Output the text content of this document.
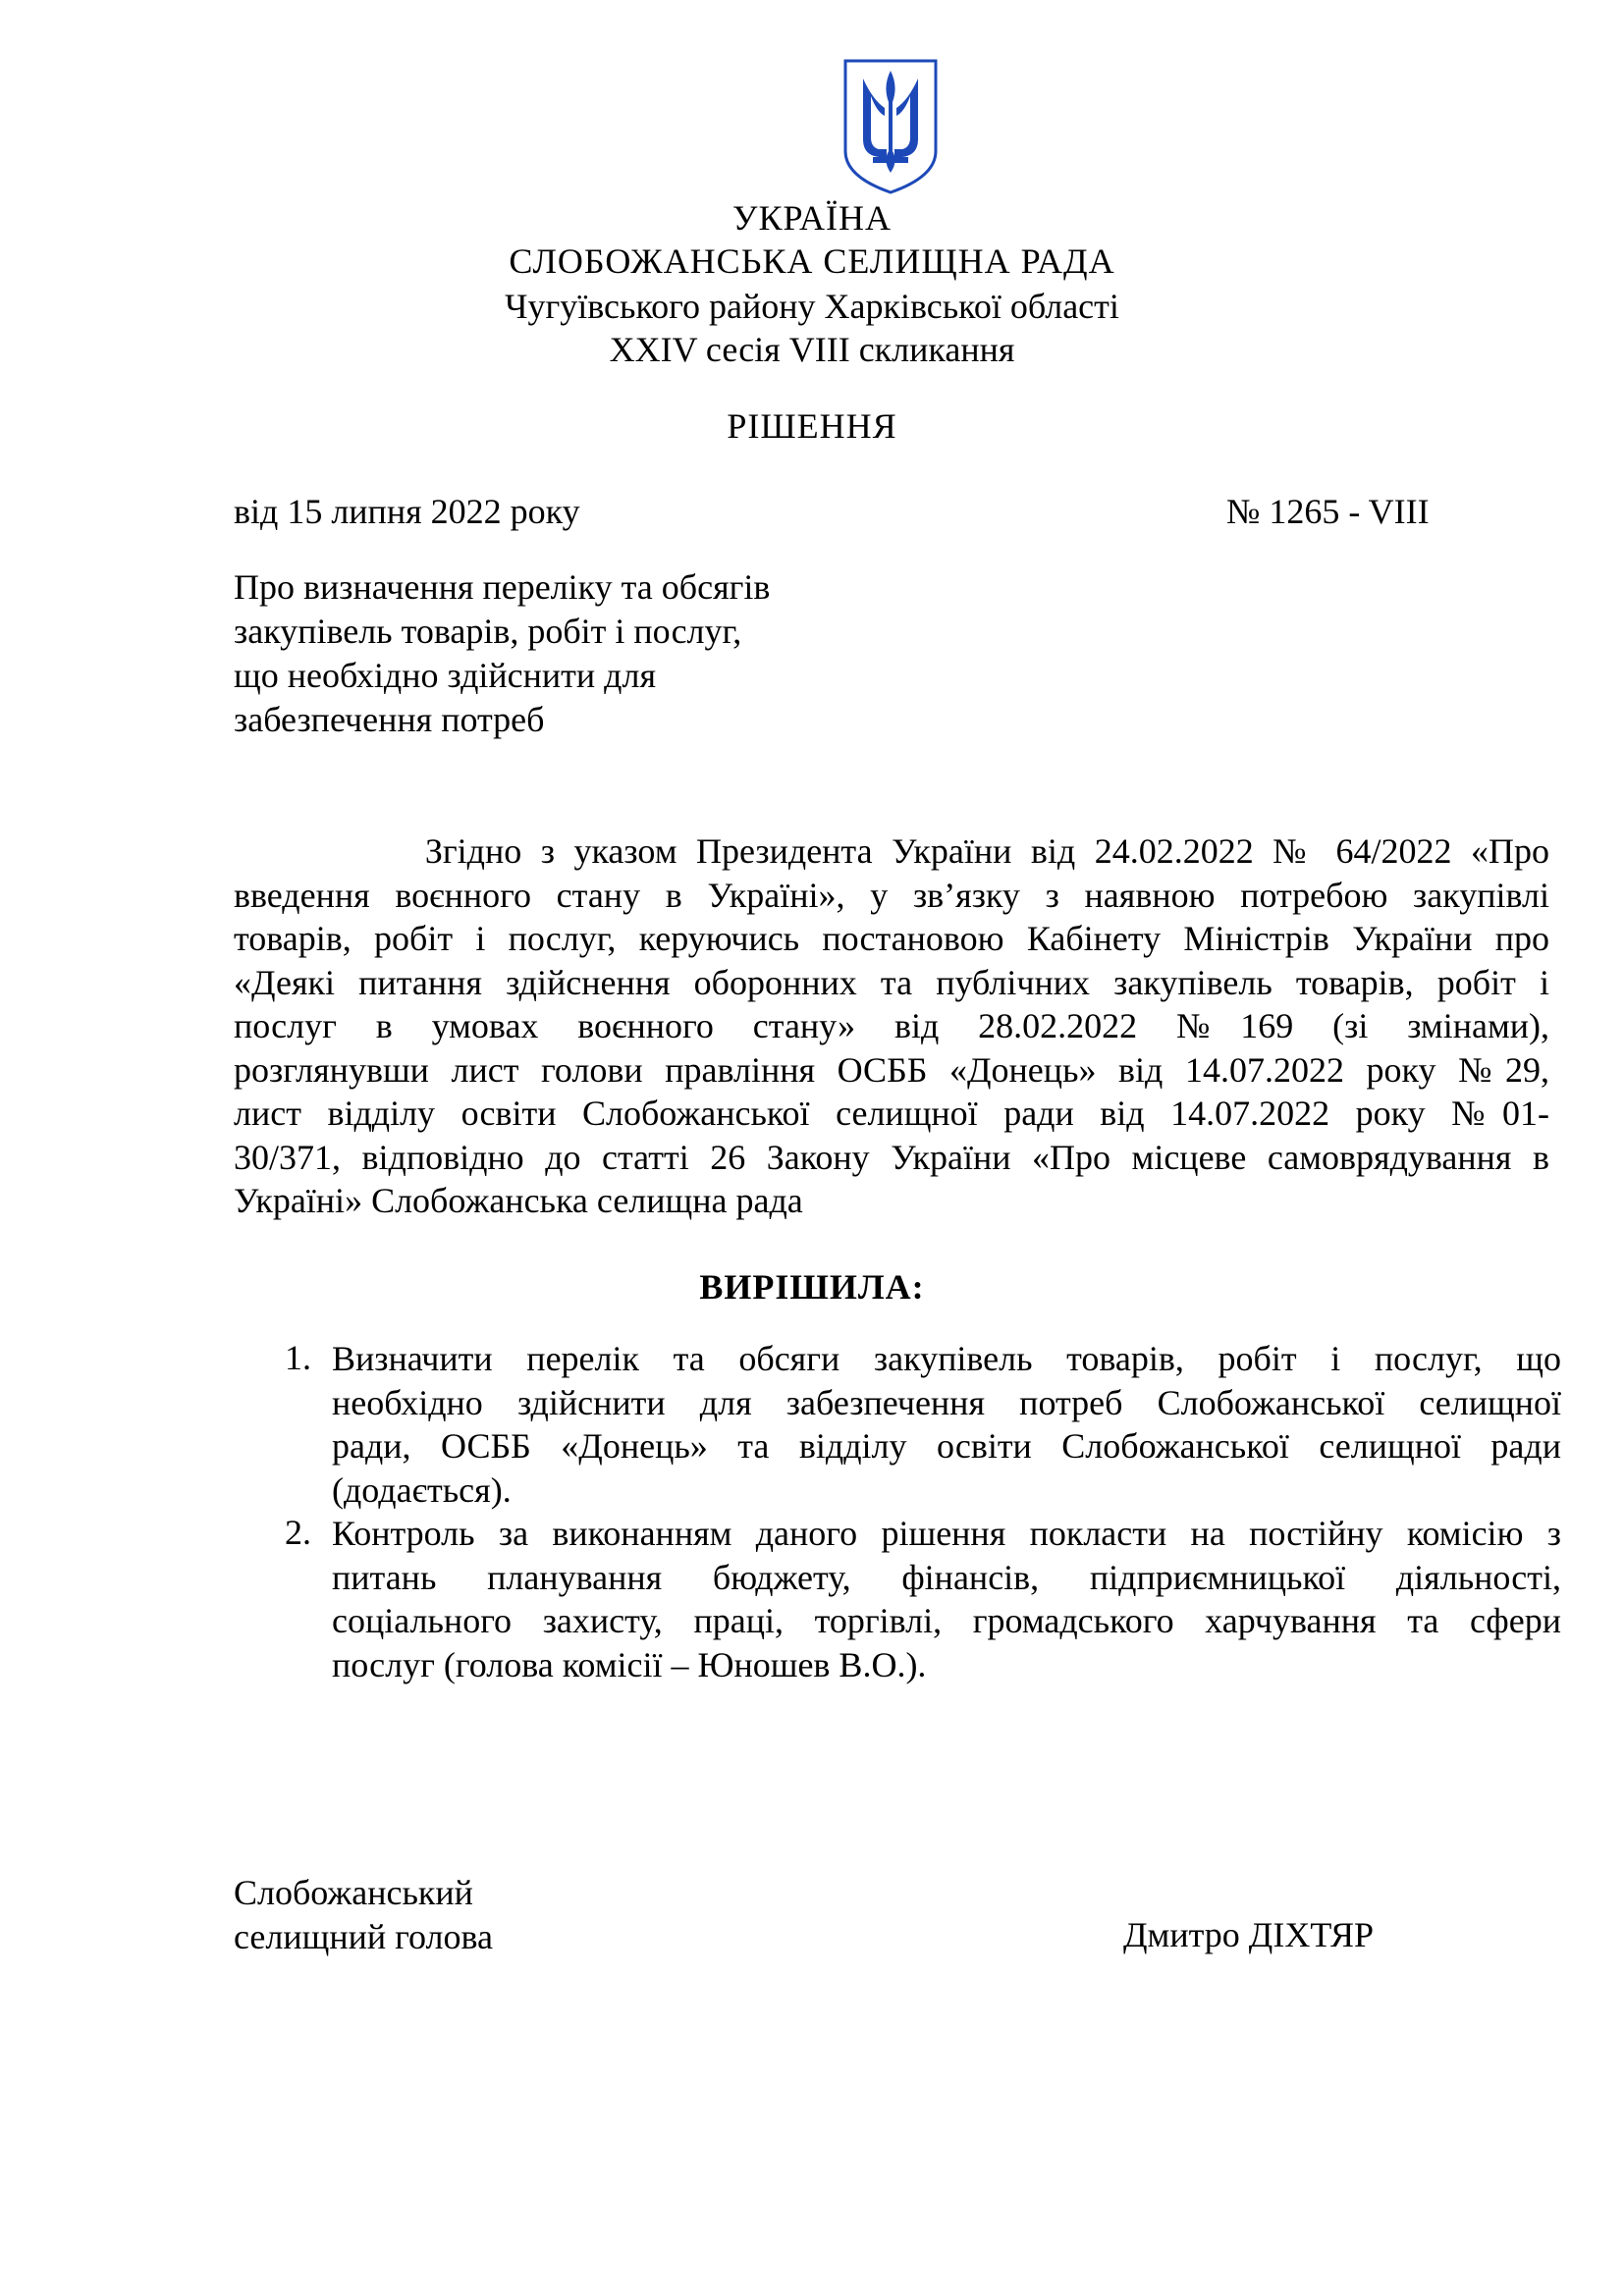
УКРАЇНА
СЛОБОЖАНСЬКА СЕЛИЩНА РАДА
Чугуївського району Харківської області
XXIV сесія VIII скликання
РІШЕННЯ
від 15 липня 2022 року	№ 1265 - VIII
Про визначення переліку та обсягів
закупівель товарів, робіт і послуг,
що необхідно здійснити для
забезпечення потреб
Згідно з указом Президента України від 24.02.2022 № 64/2022 «Про
введення воєнного стану в Україні», у зв’язку з наявною потребою закупівлі
товарів, робіт і послуг, керуючись постановою Кабінету Міністрів України про
«Деякі питання здійснення оборонних та публічних закупівель товарів, робіт і
послуг в умовах воєнного стану» від 28.02.2022 №169 (зі змінами),
розглянувши лист голови правління ОСББ «Донець» від 14.07.2022 року №29,
лист відділу освіти Слобожанської селищної ради від 14.07.2022 року №01-
30/371, відповідно до статті 26 Закону України «Про місцеве самоврядування в
Україні» Слобожанська селищна рада
ВИРІШИЛА:
1. Визначити перелік та обсяги закупівель товарів, робіт і послуг, що
необхідно здійснити для забезпечення потреб Слобожанської селищної
ради, ОСББ «Донець» та відділу освіти Слобожанської селищної ради
(додається).
2. Контроль за виконанням даного рішення покласти на постійну комісію з
питань планування бюджету, фінансів, підприємницької діяльності,
соціального захисту, праці, торгівлі, громадського харчування та сфери
послуг (голова комісії – Юношев В.О.).
Слобожанський
селищний голова	Дмитро ДІХТЯР
